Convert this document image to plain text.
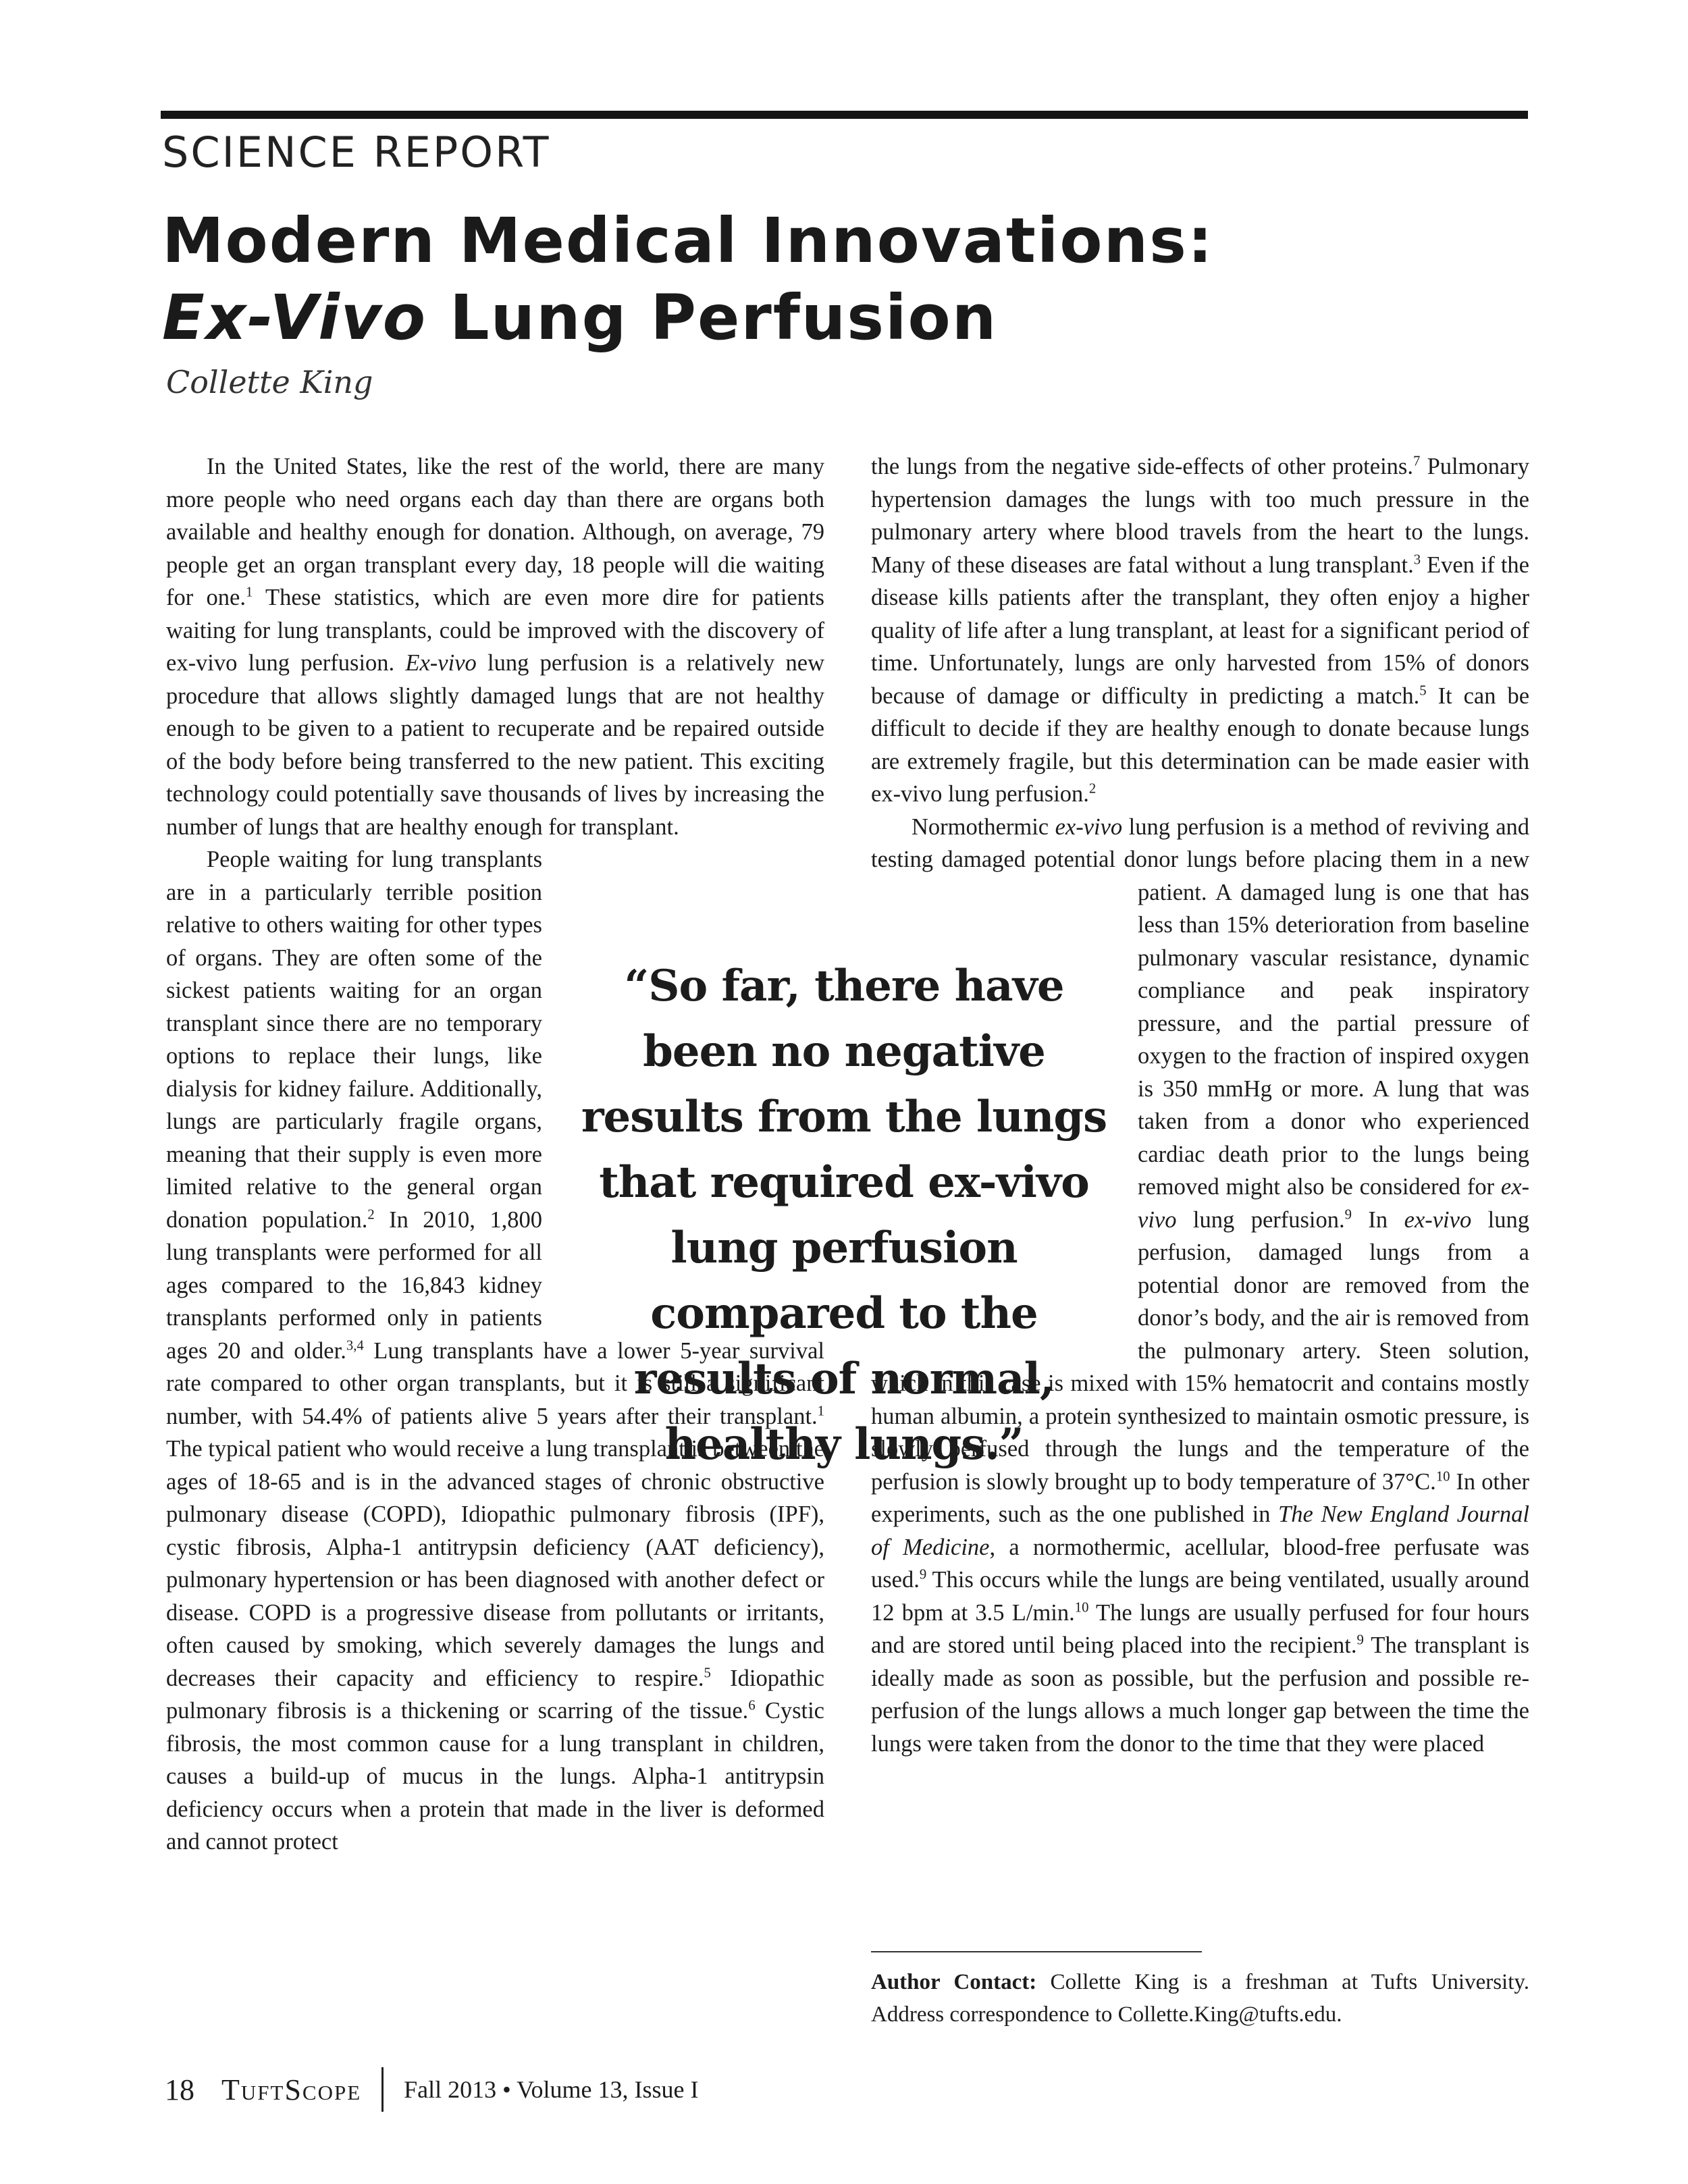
SCIENCE REPORT
Modern Medical Innovations:
Ex-Vivo Lung Perfusion

Collette King

In the United States, like the rest of the world, there are many more people who need organs each day than there are organs both available and healthy enough for donation. Although, on average, 79 people get an organ transplant every day, 18 people will die waiting for one.$^1$ These statistics, which are even more dire for patients waiting for lung transplants, could be improved with the discovery of ex-vivo lung perfusion. Ex-vivo lung perfusion is a relatively new procedure that allows slightly damaged lungs that are not healthy enough to be given to a patient to recuperate and be repaired outside of the body before being transferred to the new patient. This exciting technology could potentially save thousands of lives by increasing the number of lungs that are healthy enough for transplant.

People waiting for lung transplants are in a particularly terrible position relative to others waiting for other types of organs. They are often some of the sickest patients waiting for an organ transplant since there are no temporary options to replace their lungs, like dialysis for kidney failure. Additionally, lungs are particularly fragile organs, meaning that their supply is even more limited relative to the general organ donation population.$^2$ In 2010, 1,800 lung transplants were performed for all ages compared to the 16,843 kidney transplants performed only in patients ages 20 and older.$^{3,4}$ Lung transplants have a lower 5-year survival rate compared to other organ transplants, but it is still a significant number, with 54.4% of patients alive 5 years after their transplant.$^1$ The typical patient who would receive a lung transplant is between the ages of 18-65 and is in the advanced stages of chronic obstructive pulmonary disease (COPD), Idiopathic pulmonary fibrosis (IPF), cystic fibrosis, Alpha-1 antitrypsin deficiency (AAT deficiency), pulmonary hypertension or has been diagnosed with another defect or disease. COPD is a progressive disease from pollutants or irritants, often caused by smoking, which severely damages the lungs and decreases their capacity and efficiency to respire.$^5$ Idiopathic pulmonary fibrosis is a thickening or scarring of the tissue.$^6$ Cystic fibrosis, the most common cause for a lung transplant in children, causes a build-up of mucus in the lungs. Alpha-1 antitrypsin deficiency occurs when a protein that made in the liver is deformed and cannot protect

the lungs from the negative side-effects of other proteins.$^7$ Pulmonary hypertension damages the lungs with too much pressure in the pulmonary artery where blood travels from the heart to the lungs. Many of these diseases are fatal without a lung transplant.$^3$ Even if the disease kills patients after the transplant, they often enjoy a higher quality of life after a lung transplant, at least for a significant period of time. Unfortunately, lungs are only harvested from 15% of donors because of damage or difficulty in predicting a match.$^5$ It can be difficult to decide if they are healthy enough to donate because lungs are extremely fragile, but this determination can be made easier with ex-vivo lung perfusion.$^2$

Normothermic ex-vivo lung perfusion is a method of reviving and testing damaged potential donor lungs before placing them in a new patient. A damaged lung is one that has less than 15% deterioration from baseline pulmonary vascular resistance, dynamic compliance and peak inspiratory pressure, and the partial pressure of oxygen to the fraction of inspired oxygen is 350 mmHg or more. A lung that was taken from a donor who experienced cardiac death prior to the lungs being removed might also be considered for ex-vivo lung perfusion.$^9$ In ex-vivo lung perfusion, damaged lungs from a potential donor are removed from the donor’s body, and the air is removed from the pulmonary artery. Steen solution, which in this case is mixed with 15% hematocrit and contains mostly human albumin, a protein synthesized to maintain osmotic pressure, is slowly perfused through the lungs and the temperature of the perfusion is slowly brought up to body temperature of 37°C.$^{10}$ In other experiments, such as the one published in The New England Journal of Medicine, a normothermic, acellular, blood-free perfusate was used.$^9$ This occurs while the lungs are being ventilated, usually around 12 bpm at 3.5 L/min.$^{10}$ The lungs are usually perfused for four hours and are stored until being placed into the recipient.$^9$ The transplant is ideally made as soon as possible, but the perfusion and possible re-perfusion of the lungs allows a much longer gap between the time the lungs were taken from the donor to the time that they were placed

“So far, there have been no negative results from the lungs that required ex-vivo lung perfusion compared to the results of normal, healthy lungs.”

Author Contact: Collette King is a freshman at Tufts University. Address correspondence to Collette.King@tufts.edu.

18 TuftScope Fall 2013 • Volume 13, Issue I
